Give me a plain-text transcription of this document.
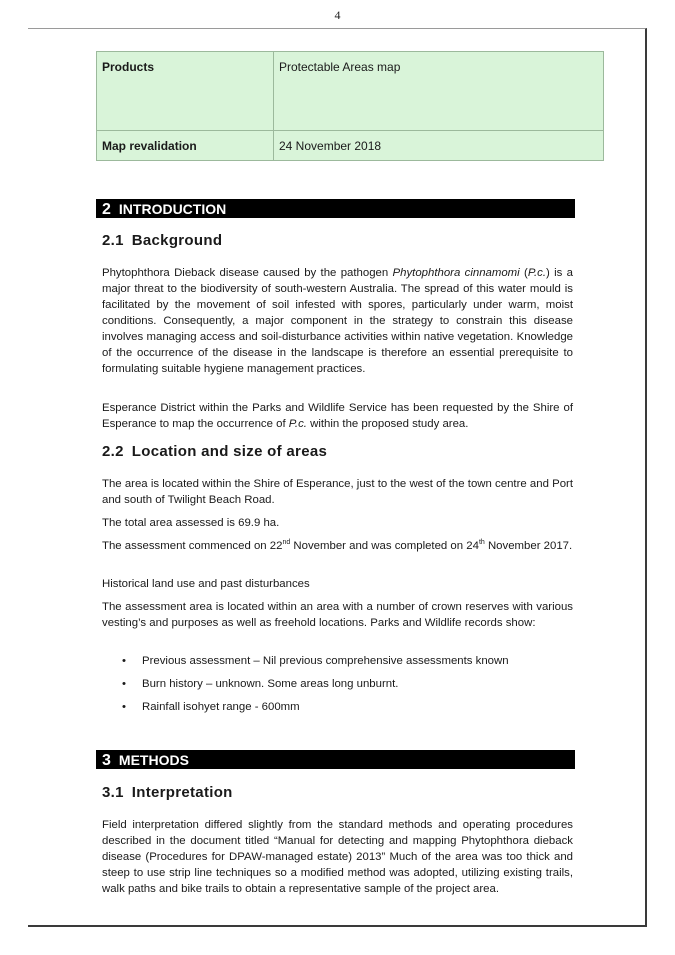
4
Products	Protectable Areas map
Map revalidation	24 November 2018
2 INTRODUCTION
2.1 Background

Phytophthora Dieback disease caused by the pathogen Phytophthora cinnamomi (P.c.) is a major threat to the biodiversity of south-western Australia. The spread of this water mould is facilitated by the movement of soil infested with spores, particularly under warm, moist conditions. Consequently, a major component in the strategy to constrain this disease involves managing access and soil-disturbance activities within native vegetation. Knowledge of the occurrence of the disease in the landscape is therefore an essential prerequisite to formulating suitable hygiene management practices.

Esperance District within the Parks and Wildlife Service has been requested by the Shire of Esperance to map the occurrence of P.c. within the proposed study area.

2.2 Location and size of areas

The area is located within the Shire of Esperance, just to the west of the town centre and Port and south of Twilight Beach Road.

The total area assessed is 69.9 ha.

The assessment commenced on 22nd November and was completed on 24th November 2017.

Historical land use and past disturbances

The assessment area is located within an area with a number of crown reserves with various vesting’s and purposes as well as freehold locations. Parks and Wildlife records show:

• Previous assessment – Nil previous comprehensive assessments known
• Burn history – unknown. Some areas long unburnt.
• Rainfall isohyet range - 600mm
3 METHODS
3.1 Interpretation

Field interpretation differed slightly from the standard methods and operating procedures described in the document titled “Manual for detecting and mapping Phytophthora dieback disease (Procedures for DPAW-managed estate) 2013” Much of the area was too thick and steep to use strip line techniques so a modified method was adopted, utilizing existing trails, walk paths and bike trails to obtain a representative sample of the project area.
